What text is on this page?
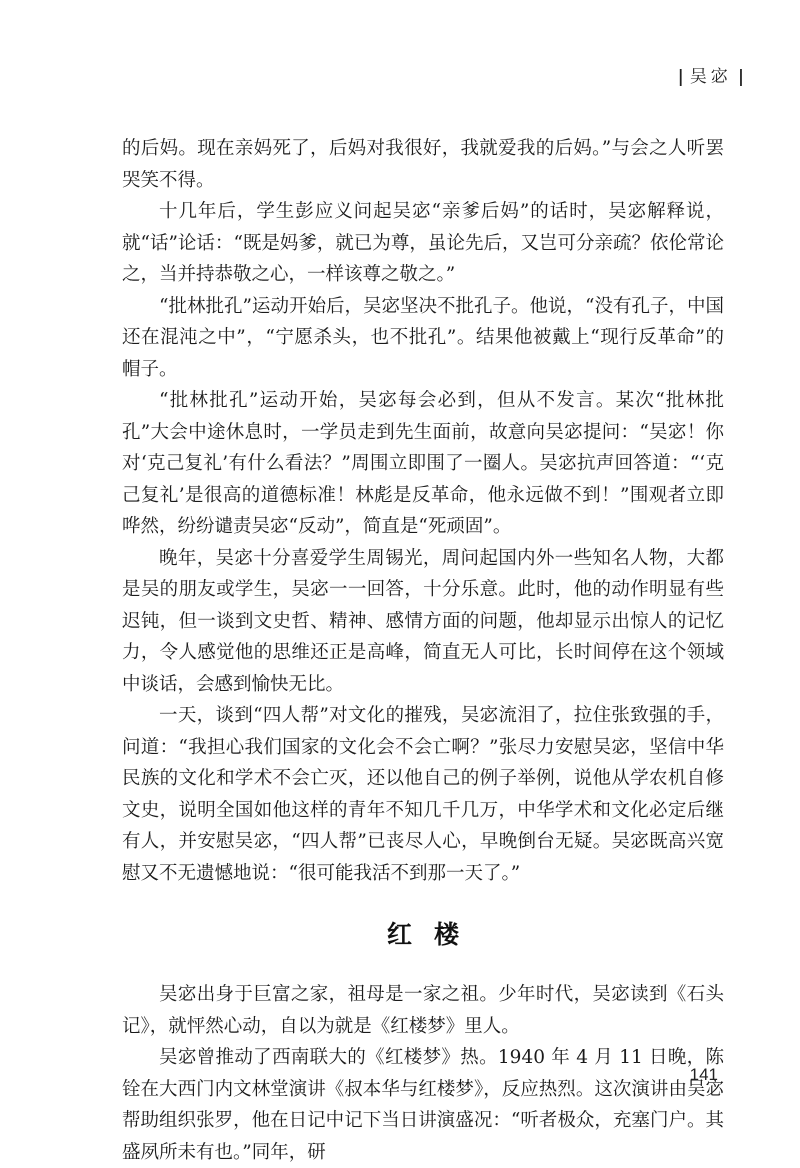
| 吴宓 |

的后妈。现在亲妈死了，后妈对我很好，我就爱我的后妈。”与会之人听罢哭笑不得。

十几年后，学生彭应义问起吴宓“亲爹后妈”的话时，吴宓解释说，就“话”论话：“既是妈爹，就已为尊，虽论先后，又岂可分亲疏？依伦常论之，当并持恭敬之心，一样该尊之敬之。”

“批林批孔”运动开始后，吴宓坚决不批孔子。他说，“没有孔子，中国还在混沌之中”，“宁愿杀头，也不批孔”。结果他被戴上“现行反革命”的帽子。

“批林批孔”运动开始，吴宓每会必到，但从不发言。某次“批林批孔”大会中途休息时，一学员走到先生面前，故意向吴宓提问：“吴宓！你对‘克己复礼’有什么看法？”周围立即围了一圈人。吴宓抗声回答道：“‘克己复礼’是很高的道德标准！林彪是反革命，他永远做不到！”围观者立即哗然，纷纷谴责吴宓“反动”，简直是“死顽固”。

晚年，吴宓十分喜爱学生周锡光，周问起国内外一些知名人物，大都是吴的朋友或学生，吴宓一一回答，十分乐意。此时，他的动作明显有些迟钝，但一谈到文史哲、精神、感情方面的问题，他却显示出惊人的记忆力，令人感觉他的思维还正是高峰，简直无人可比，长时间停在这个领域中谈话，会感到愉快无比。

一天，谈到“四人帮”对文化的摧残，吴宓流泪了，拉住张致强的手，问道：“我担心我们国家的文化会不会亡啊？”张尽力安慰吴宓，坚信中华民族的文化和学术不会亡灭，还以他自己的例子举例，说他从学农机自修文史，说明全国如他这样的青年不知几千几万，中华学术和文化必定后继有人，并安慰吴宓，“四人帮”已丧尽人心，早晚倒台无疑。吴宓既高兴宽慰又不无遗憾地说：“很可能我活不到那一天了。”

红楼

吴宓出身于巨富之家，祖母是一家之祖。少年时代，吴宓读到《石头记》，就怦然心动，自以为就是《红楼梦》里人。

吴宓曾推动了西南联大的《红楼梦》热。1940 年 4 月 11 日晚，陈铨在大西门内文林堂演讲《叔本华与红楼梦》，反应热烈。这次演讲由吴宓帮助组织张罗，他在日记中记下当日讲演盛况：“听者极众，充塞门户。其盛夙所未有也。”同年，研

141
